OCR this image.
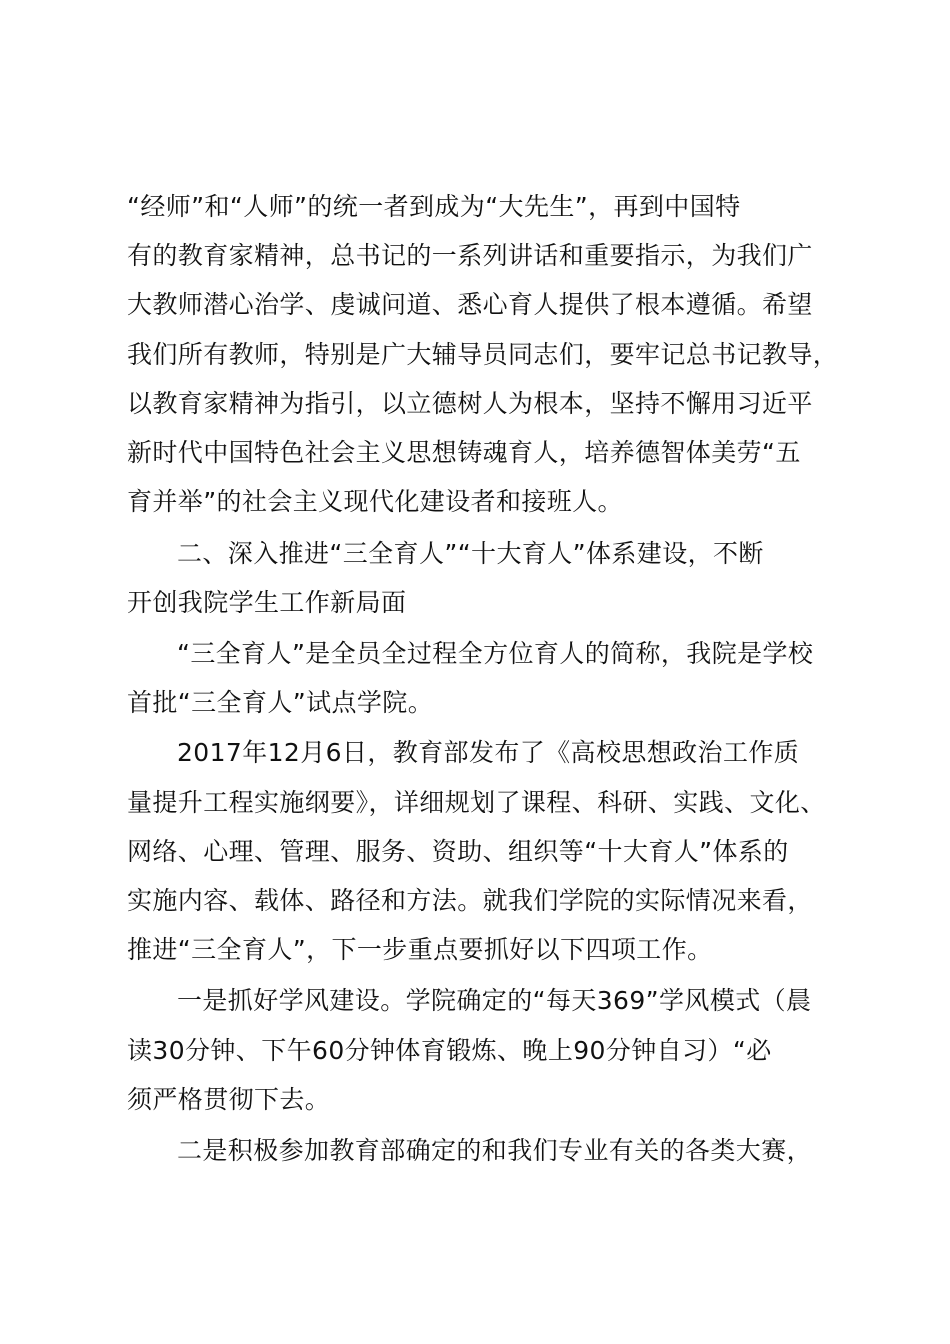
“经师”和“人师”的统一者到成为“大先生”，再到中国特
有的教育家精神，总书记的一系列讲话和重要指示，为我们广
大教师潜心治学、虔诚问道、悉心育人提供了根本遵循。希望
我们所有教师，特别是广大辅导员同志们，要牢记总书记教导，
以教育家精神为指引，以立德树人为根本，坚持不懈用习近平
新时代中国特色社会主义思想铸魂育人，培养德智体美劳“五
育并举”的社会主义现代化建设者和接班人。
二、深入推进“三全育人”“十大育人”体系建设，不断
开创我院学生工作新局面
“三全育人”是全员全过程全方位育人的简称，我院是学校
首批“三全育人”试点学院。
2017年12月6日，教育部发布了《高校思想政治工作质
量提升工程实施纲要》，详细规划了课程、科研、实践、文化、
网络、心理、管理、服务、资助、组织等“十大育人”体系的
实施内容、载体、路径和方法。就我们学院的实际情况来看，
推进“三全育人”，下一步重点要抓好以下四项工作。
一是抓好学风建设。学院确定的“每天369”学风模式（晨
读30分钟、下午60分钟体育锻炼、晚上90分钟自习）“必
须严格贯彻下去。
二是积极参加教育部确定的和我们专业有关的各类大赛，
